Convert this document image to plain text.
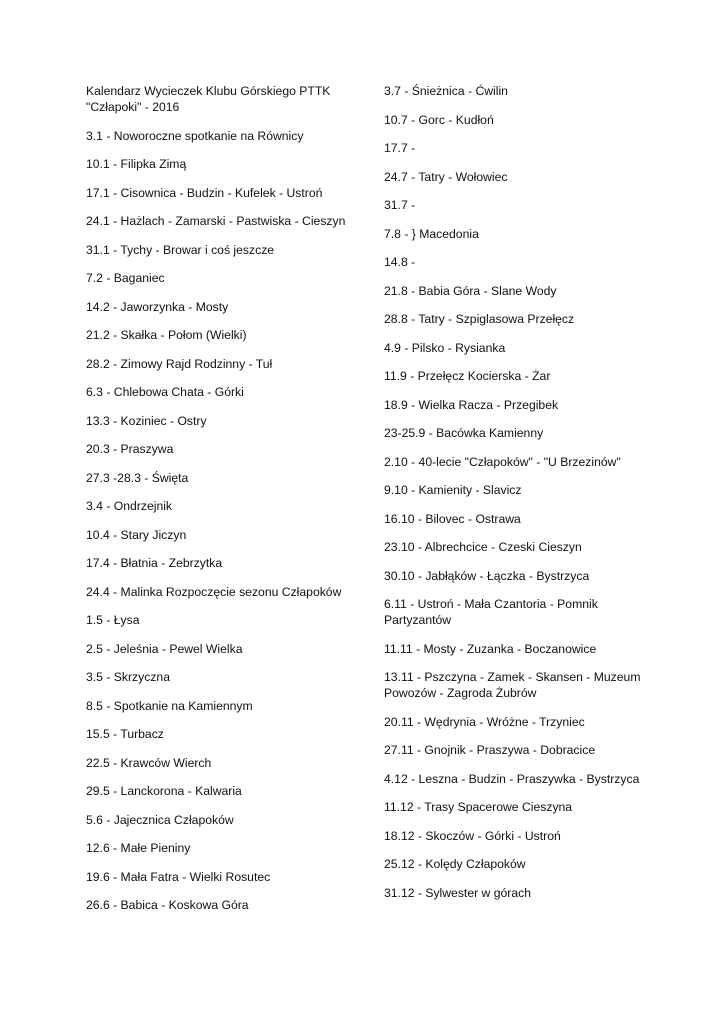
Kalendarz Wycieczek Klubu Górskiego PTTK "Człapoki" - 2016

3.1 - Noworoczne spotkanie na Równicy

10.1 - Filipka Zimą

17.1 - Cisownica - Budzin - Kufelek - Ustroń

24.1 - Hażlach - Zamarski - Pastwiska - Cieszyn

31.1 - Tychy - Browar i coś jeszcze

7.2 - Baganiec

14.2 - Jaworzynka - Mosty

21.2 - Skałka - Połom (Wielki)

28.2 - Zimowy Rajd Rodzinny - Tuł

6.3 - Chlebowa Chata - Górki

13.3 - Koziniec - Ostry

20.3 - Praszywa

27.3 -28.3 - Święta

3.4 - Ondrzejnik

10.4 - Stary Jiczyn

17.4 - Błatnia - Zebrzytka

24.4 - Malinka Rozpoczęcie sezonu Człapoków

1.5 - Łysa

2.5 - Jeleśnia - Pewel Wielka

3.5 - Skrzyczna

8.5 - Spotkanie na Kamiennym

15.5 - Turbacz

22.5 - Krawców Wierch

29.5 - Lanckorona - Kalwaria

5.6 - Jajecznica Człapoków

12.6 - Małe Pieniny

19.6 - Mała Fatra - Wielki Rosutec

26.6 - Babica - Koskowa Góra

3.7 - Śnieżnica - Ćwilin

10.7 - Gorc - Kudłoń

17.7 -

24.7 - Tatry - Wołowiec

31.7 -

7.8 - } Macedonia

14.8 -

21.8 - Babia Góra - Slane Wody

28.8 - Tatry - Szpiglasowa Przełęcz

4.9 - Pilsko - Rysianka

11.9 - Przełęcz Kocierska - Żar

18.9 - Wielka Racza - Przegibek

23-25.9 - Bacówka Kamienny

2.10 - 40-lecie "Człapoków" - "U Brzezinów"

9.10 - Kamienity - Slavicz

16.10 - Bilovec - Ostrawa

23.10 - Albrechcice - Czeski Cieszyn

30.10 - Jabłąków - Łączka - Bystrzyca

6.11 - Ustroń - Mała Czantoria - Pomnik Partyzantów

11.11 - Mosty - Zuzanka - Boczanowice

13.11 - Pszczyna - Zamek - Skansen - Muzeum Powozów - Zagroda Żubrów

20.11 - Wędrynia - Wróżne - Trzyniec

27.11 - Gnojnik - Praszywa - Dobracice

4.12 - Leszna - Budzin - Praszywka - Bystrzyca

11.12 - Trasy Spacerowe Cieszyna

18.12 - Skoczów - Górki - Ustroń

25.12 - Kolędy Człapoków

31.12 - Sylwester w górach
